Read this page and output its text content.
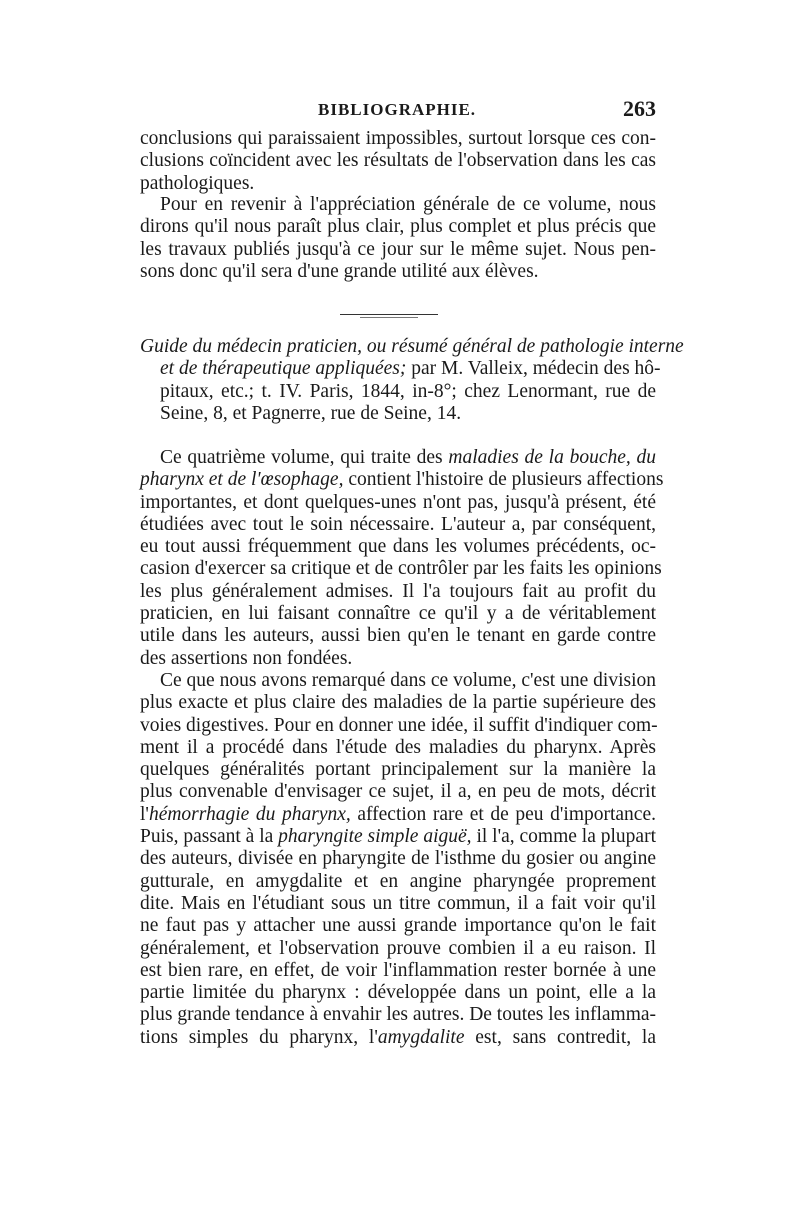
BIBLIOGRAPHIE.	263
conclusions qui paraissaient impossibles, surtout lorsque ces con-
clusions coïncident avec les résultats de l'observation dans les cas
pathologiques.
Pour en revenir à l'appréciation générale de ce volume, nous
dirons qu'il nous paraît plus clair, plus complet et plus précis que
les travaux publiés jusqu'à ce jour sur le même sujet. Nous pen-
sons donc qu'il sera d'une grande utilité aux élèves.
Guide du médecin praticien, ou résumé général de pathologie interne
et de thérapeutique appliquées; par M. Valleix, médecin des hô-
pitaux, etc.; t. IV. Paris, 1844, in-8°; chez Lenormant, rue de
Seine, 8, et Pagnerre, rue de Seine, 14.
Ce quatrième volume, qui traite des maladies de la bouche, du
pharynx et de l'œsophage, contient l'histoire de plusieurs affections
importantes, et dont quelques-unes n'ont pas, jusqu'à présent, été
étudiées avec tout le soin nécessaire. L'auteur a, par conséquent,
eu tout aussi fréquemment que dans les volumes précédents, oc-
casion d'exercer sa critique et de contrôler par les faits les opinions
les plus généralement admises. Il l'a toujours fait au profit du
praticien, en lui faisant connaître ce qu'il y a de véritablement
utile dans les auteurs, aussi bien qu'en le tenant en garde contre
des assertions non fondées.
Ce que nous avons remarqué dans ce volume, c'est une division
plus exacte et plus claire des maladies de la partie supérieure des
voies digestives. Pour en donner une idée, il suffit d'indiquer com-
ment il a procédé dans l'étude des maladies du pharynx. Après
quelques généralités portant principalement sur la manière la
plus convenable d'envisager ce sujet, il a, en peu de mots, décrit
l'hémorrhagie du pharynx, affection rare et de peu d'importance.
Puis, passant à la pharyngite simple aiguë, il l'a, comme la plupart
des auteurs, divisée en pharyngite de l'isthme du gosier ou angine
gutturale, en amygdalite et en angine pharyngée proprement
dite. Mais en l'étudiant sous un titre commun, il a fait voir qu'il
ne faut pas y attacher une aussi grande importance qu'on le fait
généralement, et l'observation prouve combien il a eu raison. Il
est bien rare, en effet, de voir l'inflammation rester bornée à une
partie limitée du pharynx : développée dans un point, elle a la
plus grande tendance à envahir les autres. De toutes les inflamma-
tions simples du pharynx, l'amygdalite est, sans contredit, la
